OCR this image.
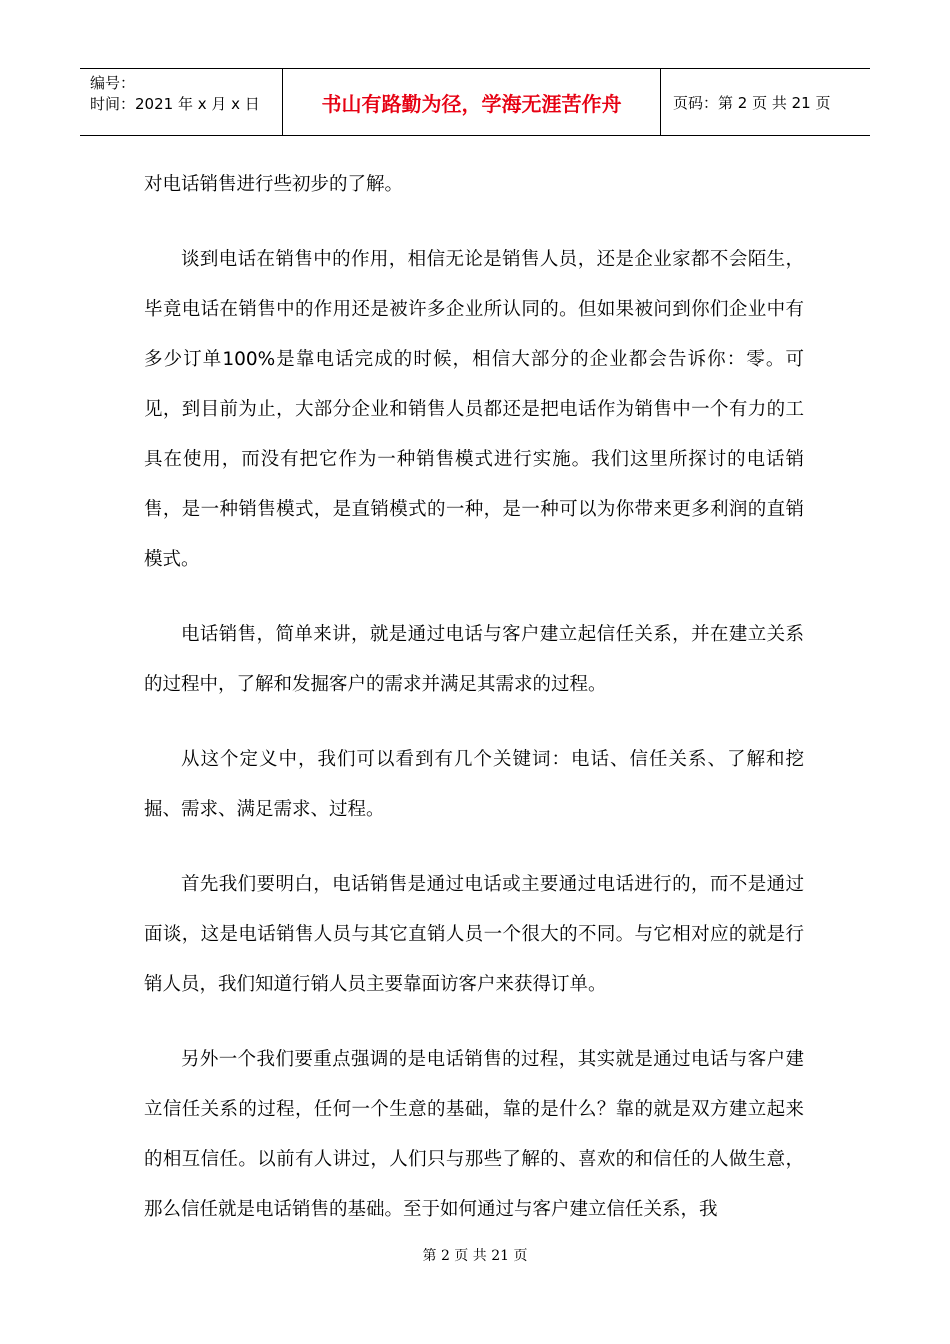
编号：
时间：2021 年 x 月 x 日	书山有路勤为径，学海无涯苦作舟	页码：第 2 页 共 21 页

对电话销售进行些初步的了解。

谈到电话在销售中的作用，相信无论是销售人员，还是企业家都不会陌生，毕竟电话在销售中的作用还是被许多企业所认同的。但如果被问到你们企业中有多少订单100%是靠电话完成的时候，相信大部分的企业都会告诉你：零。可见，到目前为止，大部分企业和销售人员都还是把电话作为销售中一个有力的工具在使用，而没有把它作为一种销售模式进行实施。我们这里所探讨的电话销售，是一种销售模式，是直销模式的一种，是一种可以为你带来更多利润的直销模式。

电话销售，简单来讲，就是通过电话与客户建立起信任关系，并在建立关系的过程中，了解和发掘客户的需求并满足其需求的过程。

从这个定义中，我们可以看到有几个关键词：电话、信任关系、了解和挖掘、需求、满足需求、过程。

首先我们要明白，电话销售是通过电话或主要通过电话进行的，而不是通过面谈，这是电话销售人员与其它直销人员一个很大的不同。与它相对应的就是行销人员，我们知道行销人员主要靠面访客户来获得订单。

另外一个我们要重点强调的是电话销售的过程，其实就是通过电话与客户建立信任关系的过程，任何一个生意的基础，靠的是什么？靠的就是双方建立起来的相互信任。以前有人讲过，人们只与那些了解的、喜欢的和信任的人做生意，那么信任就是电话销售的基础。至于如何通过与客户建立信任关系，我

第 2 页 共 21 页
